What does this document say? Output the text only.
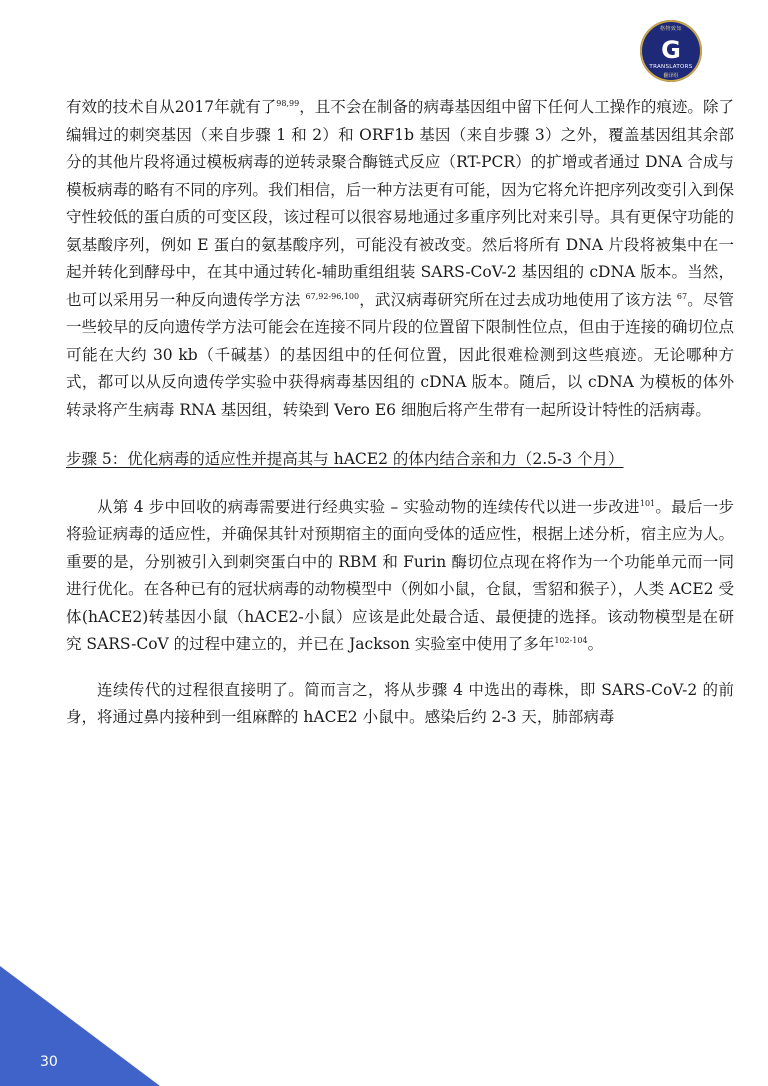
格物致知
G
TRANSLATORS
翻译组

有效的技术自从2017年就有了$^{98,99}$，且不会在制备的病毒基因组中留下任何人工操作的痕迹。除了编辑过的刺突基因（来自步骤 1 和 2）和 ORF1b 基因（来自步骤 3）之外，覆盖基因组其余部分的其他片段将通过模板病毒的逆转录聚合酶链式反应（RT-PCR）的扩增或者通过 DNA 合成与模板病毒的略有不同的序列。我们相信，后一种方法更有可能，因为它将允许把序列改变引入到保守性较低的蛋白质的可变区段，该过程可以很容易地通过多重序列比对来引导。具有更保守功能的氨基酸序列，例如 E 蛋白的氨基酸序列，可能没有被改变。然后将所有 DNA 片段将被集中在一起并转化到酵母中，在其中通过转化-辅助重组组装 SARS-CoV-2 基因组的 cDNA 版本。当然，也可以采用另一种反向遗传学方法 $^{67,92-96,100}$，武汉病毒研究所在过去成功地使用了该方法 $^{67}$。尽管一些较早的反向遗传学方法可能会在连接不同片段的位置留下限制性位点，但由于连接的确切位点可能在大约 30 kb（千碱基）的基因组中的任何位置，因此很难检测到这些痕迹。无论哪种方式，都可以从反向遗传学实验中获得病毒基因组的 cDNA 版本。随后，以 cDNA 为模板的体外转录将产生病毒 RNA 基因组，转染到 Vero E6 细胞后将产生带有一起所设计特性的活病毒。

步骤 5：优化病毒的适应性并提高其与 hACE2 的体内结合亲和力（2.5-3 个月）

从第 4 步中回收的病毒需要进行经典实验 – 实验动物的连续传代以进一步改进$^{101}$。最后一步将验证病毒的适应性，并确保其针对预期宿主的面向受体的适应性，根据上述分析，宿主应为人。重要的是，分别被引入到刺突蛋白中的 RBM 和 Furin 酶切位点现在将作为一个功能单元而一同进行优化。在各种已有的冠状病毒的动物模型中（例如小鼠，仓鼠，雪貂和猴子），人类 ACE2 受体(hACE2)转基因小鼠（hACE2-小鼠）应该是此处最合适、最便捷的选择。该动物模型是在研究 SARS-CoV 的过程中建立的，并已在 Jackson 实验室中使用了多年$^{102-104}$。

连续传代的过程很直接明了。简而言之，将从步骤 4 中选出的毒株，即 SARS-CoV-2 的前身，将通过鼻内接种到一组麻醉的 hACE2 小鼠中。感染后约 2-3 天，肺部病毒

30
